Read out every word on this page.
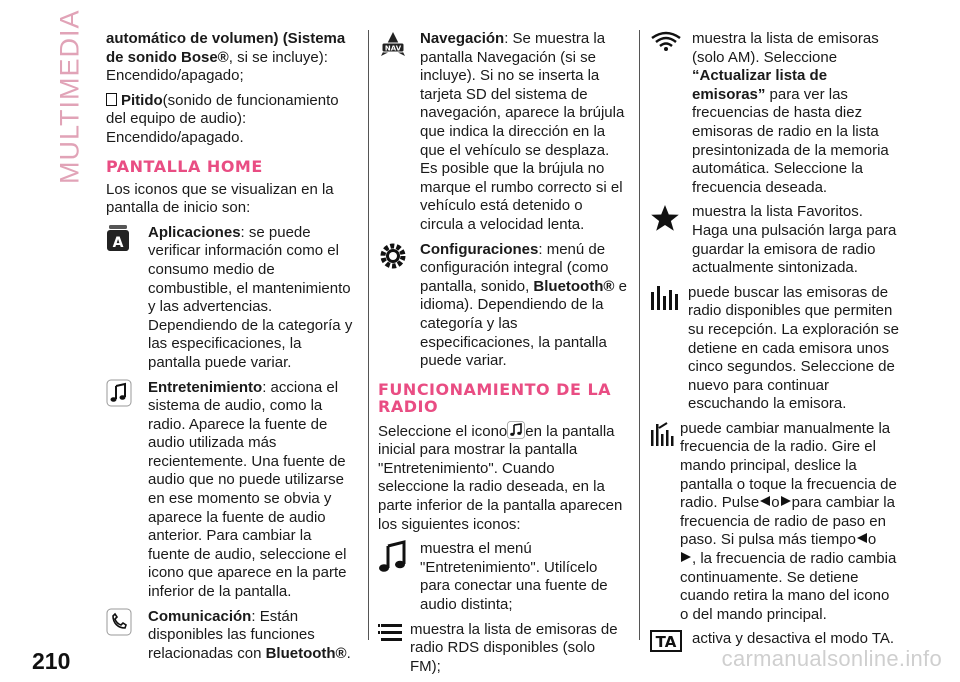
MULTIMEDIA automático de volumen) (Sistema de sonido Bose®, si se incluye): Encendido/apagado;

Pitido(sonido de funcionamiento del equipo de audio): Encendido/apagado.

PANTALLA HOME

Los iconos que se visualizan en la pantalla de inicio son:

A
Aplicaciones: se puede verificar información como el consumo medio de combustible, el mantenimiento y las advertencias. Dependiendo de la categoría y las especificaciones, la pantalla puede variar.
Entretenimiento: acciona el sistema de audio, como la radio. Aparece la fuente de audio utilizada más recientemente. Una fuente de audio que no puede utilizarse en ese momento se obvia y aparece la fuente de audio anterior. Para cambiar la fuente de audio, seleccione el icono que aparece en la parte inferior de la pantalla.
Comunicación: Están disponibles las funciones relacionadas con Bluetooth®.
NAV
Navegación: Se muestra la pantalla Navegación (si se incluye). Si no se inserta la tarjeta SD del sistema de navegación, aparece la brújula que indica la dirección en la que el vehículo se desplaza. Es posible que la brújula no marque el rumbo correcto si el vehículo está detenido o circula a velocidad lenta.
Configuraciones: menú de configuración integral (como pantalla, sonido, Bluetooth® e idioma). Dependiendo de la categoría y las especificaciones, la pantalla puede variar.
FUNCIONAMIENTO DE LA RADIO

Seleccione el icono en la pantalla inicial para mostrar la pantalla "Entretenimiento". Cuando seleccione la radio deseada, en la parte inferior de la pantalla aparecen los siguientes iconos:

muestra el menú "Entretenimiento". Utilícelo para conectar una fuente de audio distinta;
muestra la lista de emisoras de radio RDS disponibles (solo FM);
muestra la lista de emisoras (solo AM). Seleccione “Actualizar lista de emisoras” para ver las frecuencias de hasta diez emisoras de radio en la lista presintonizada de la memoria automática. Seleccione la frecuencia deseada.
muestra la lista Favoritos. Haga una pulsación larga para guardar la emisora de radio actualmente sintonizada.
puede buscar las emisoras de radio disponibles que permiten su recepción. La exploración se detiene en cada emisora unos cinco segundos. Seleccione de nuevo para continuar escuchando la emisora.
puede cambiar manualmente la frecuencia de la radio. Gire el mando principal, deslice la pantalla o toque la frecuencia de radio. Pulse o para cambiar la frecuencia de radio de paso en paso. Si pulsa más tiempo o
, la frecuencia de radio cambia continuamente. Se detiene cuando retira la mano del icono o del mando principal.
TA activa y desactiva el modo TA.
210	carmanualsonline.info
